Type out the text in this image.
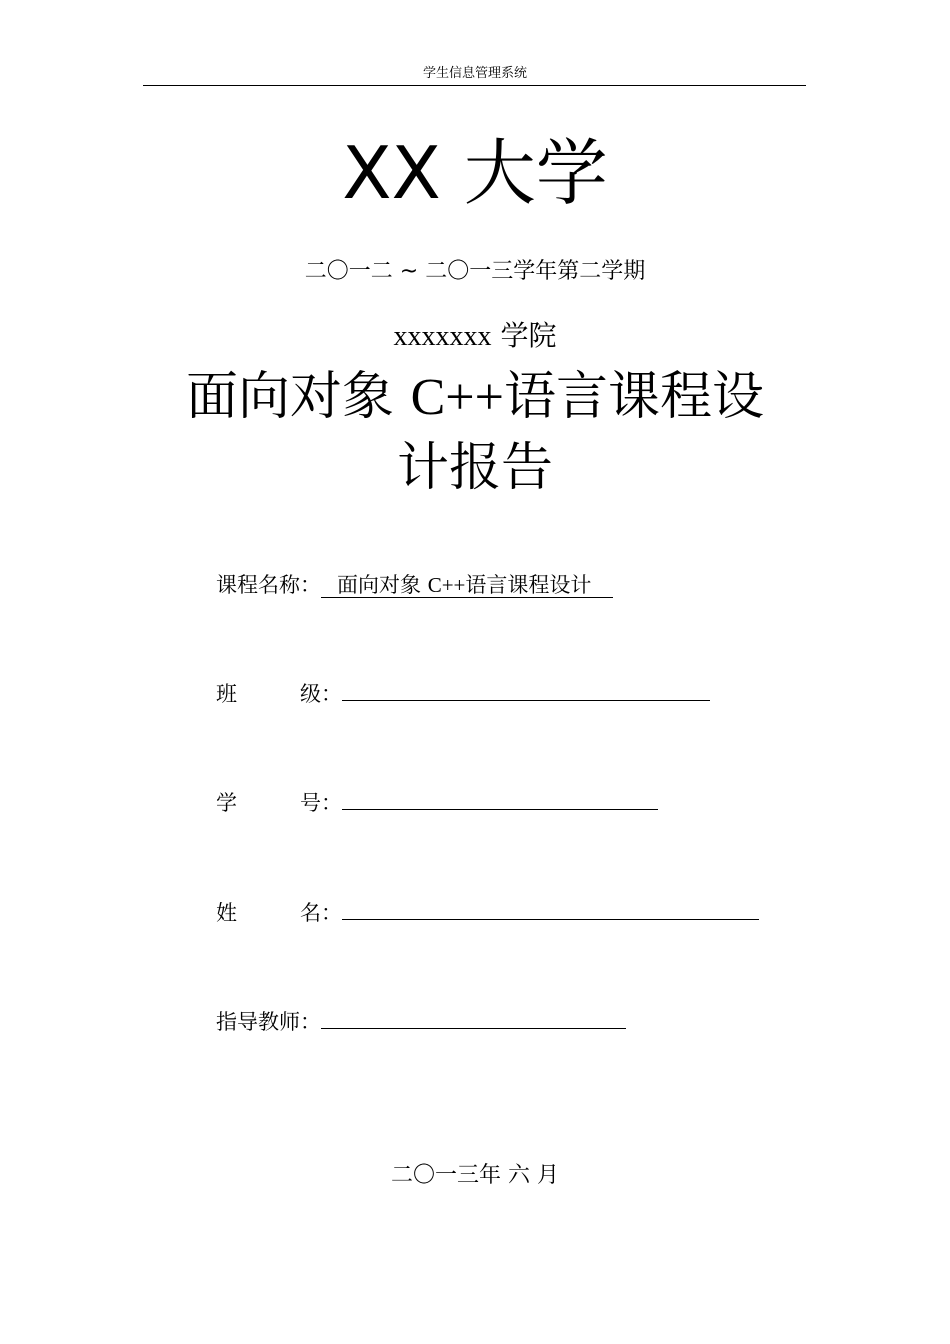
学生信息管理系统
XX 大学
二〇一二 ~ 二〇一三学年第二学期
xxxxxxx 学院
面向对象 C++语言课程设
计报告
课程名称： 面向对象 C++语言课程设计
班	级：
学	号：
姓	名：
指导教师：
二〇一三年 六 月
